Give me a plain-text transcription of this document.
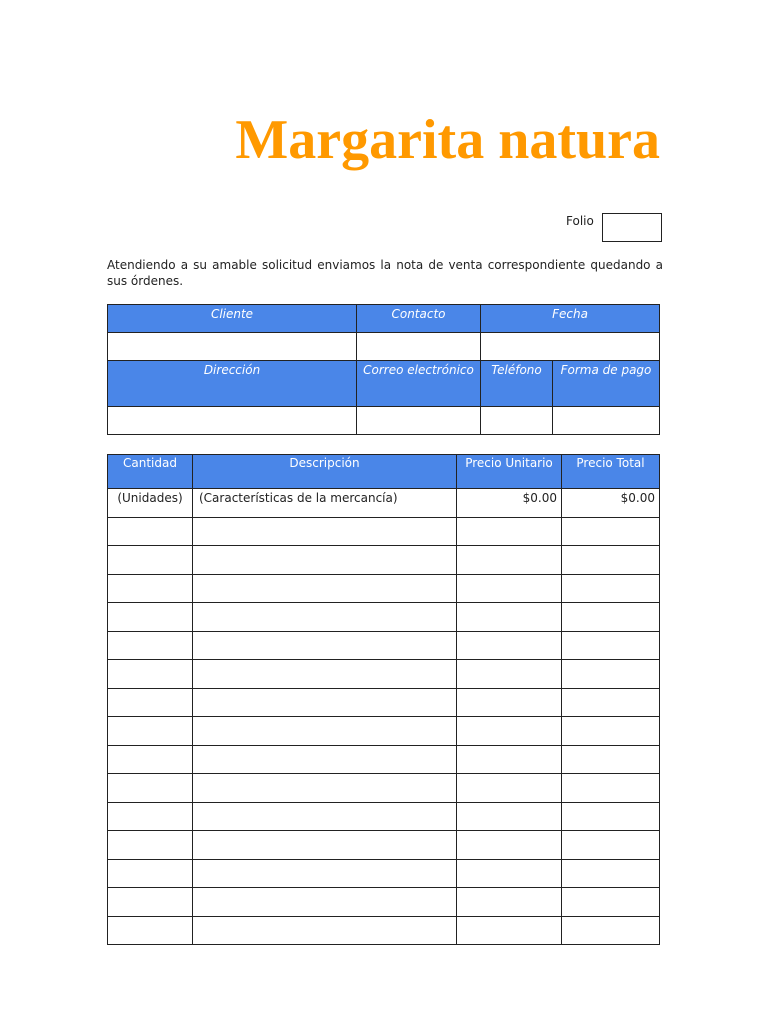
Margarita natura
Folio
Atendiendo a su amable solicitud enviamos la nota de venta correspondiente quedando a sus órdenes.
Cliente	Contacto	Fecha	

Dirección	Correo electrónico	Teléfono	Forma de pago

Cantidad	Descripción	Precio Unitario	Precio Total
(Unidades)	(Características de la mercancía)	$0.00	$0.00
